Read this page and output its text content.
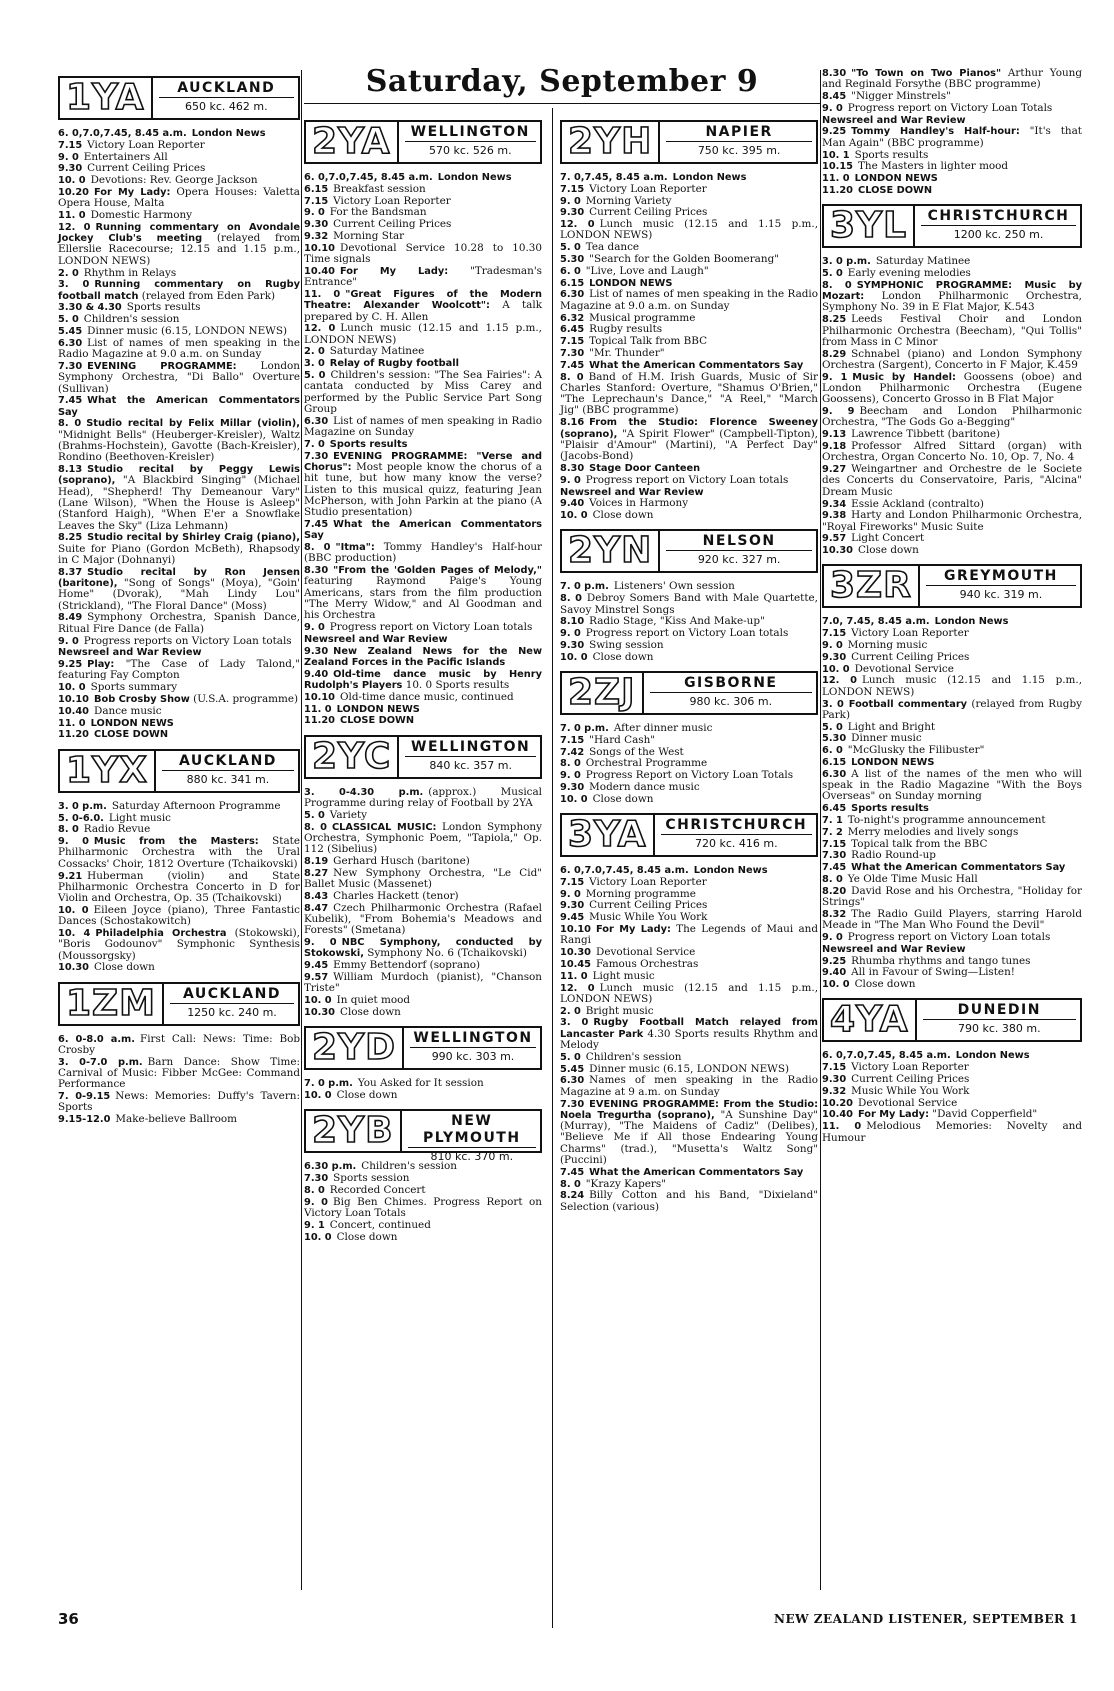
Saturday, September 9
1YA	AUCKLAND
650 kc. 462 m.
6. 0,7.0,7.45, 8.45 a.m. London News
7.15 Victory Loan Reporter
9. 0 Entertainers All
9.30 Current Ceiling Prices
10. 0 Devotions: Rev. George Jackson
10.20 For My Lady: Opera Houses: Valetta Opera House, Malta
11. 0 Domestic Harmony
12. 0 Running commentary on Avondale Jockey Club's meeting (relayed from Ellerslie Racecourse; 12.15 and 1.15 p.m., LONDON NEWS)
2. 0 Rhythm in Relays
3. 0 Running commentary on Rugby football match (relayed from Eden Park)
3.30 & 4.30 Sports results
5. 0 Children's session
5.45 Dinner music (6.15, LONDON NEWS)
6.30 List of names of men speaking in the Radio Magazine at 9.0 a.m. on Sunday
7.30 EVENING PROGRAMME: London Symphony Orchestra, "Di Ballo" Overture (Sullivan)
7.45 What the American Commentators Say
8. 0 Studio recital by Felix Millar (violin), "Midnight Bells" (Heuberger-Kreisler), Waltz (Brahms-Hochstein), Gavotte (Bach-Kreisler), Rondino (Beethoven-Kreisler)
8.13 Studio recital by Peggy Lewis (soprano), "A Blackbird Singing" (Michael Head), "Shepherd! Thy Demeanour Vary" (Lane Wilson), "When the House is Asleep" (Stanford Haigh), "When E'er a Snowflake Leaves the Sky" (Liza Lehmann)
8.25 Studio recital by Shirley Craig (piano), Suite for Piano (Gordon McBeth), Rhapsody in C Major (Dohnanyi)
8.37 Studio recital by Ron Jensen (baritone), "Song of Songs" (Moya), "Goin' Home" (Dvorak), "Mah Lindy Lou" (Strickland), "The Floral Dance" (Moss)
8.49 Symphony Orchestra, Spanish Dance, Ritual Fire Dance (de Falla)
9. 0 Progress reports on Victory Loan totals
Newsreel and War Review
9.25 Play: "The Case of Lady Talond," featuring Fay Compton
10. 0 Sports summary
10.10 Bob Crosby Show (U.S.A. programme)
10.40 Dance music
11. 0 LONDON NEWS
11.20 CLOSE DOWN
1YX	AUCKLAND
880 kc. 341 m.
3. 0 p.m. Saturday Afternoon Programme
5. 0-6.0. Light music
8. 0 Radio Revue
9. 0 Music from the Masters: State Philharmonic Orchestra with the Ural Cossacks' Choir, 1812 Overture (Tchaikovski)
9.21 Huberman (violin) and State Philharmonic Orchestra Concerto in D for Violin and Orchestra, Op. 35 (Tchaikovski)
10. 0 Eileen Joyce (piano), Three Fantastic Dances (Schostakowitch)
10. 4 Philadelphia Orchestra (Stokowski), "Boris Godounov" Symphonic Synthesis (Moussorgsky)
10.30 Close down
1ZM	AUCKLAND
1250 kc. 240 m.
6. 0-8.0 a.m. First Call: News: Time: Bob Crosby
3. 0-7.0 p.m. Barn Dance: Show Time: Carnival of Music: Fibber McGee: Command Performance
7. 0-9.15 News: Memories: Duffy's Tavern: Sports
9.15-12.0 Make-believe Ballroom
2YA	WELLINGTON
570 kc. 526 m.
6. 0,7.0,7.45, 8.45 a.m. London News
6.15 Breakfast session
7.15 Victory Loan Reporter
9. 0 For the Bandsman
9.30 Current Ceiling Prices
9.32 Morning Star
10.10 Devotional Service 10.28 to 10.30 Time signals
10.40 For My Lady: "Tradesman's Entrance"
11. 0 "Great Figures of the Modern Theatre: Alexander Woolcott": A talk prepared by C. H. Allen
12. 0 Lunch music (12.15 and 1.15 p.m., LONDON NEWS)
2. 0 Saturday Matinee
3. 0 Relay of Rugby football
5. 0 Children's session: "The Sea Fairies": A cantata conducted by Miss Carey and performed by the Public Service Part Song Group
6.30 List of names of men speaking in Radio Magazine on Sunday
7. 0 Sports results
7.30 EVENING PROGRAMME: "Verse and Chorus": Most people know the chorus of a hit tune, but how many know the verse? Listen to this musical quizz, featuring Jean McPherson, with John Parkin at the piano (A Studio presentation)
7.45 What the American Commentators Say
8. 0 "Itma": Tommy Handley's Half-hour (BBC production)
8.30 "From the 'Golden Pages of Melody," featuring Raymond Paige's Young Americans, stars from the film production "The Merry Widow," and Al Goodman and his Orchestra
9. 0 Progress report on Victory Loan totals
Newsreel and War Review
9.30 New Zealand News for the New Zealand Forces in the Pacific Islands
9.40 Old-time dance music by Henry Rudolph's Players 10. 0 Sports results
10.10 Old-time dance music, continued
11. 0 LONDON NEWS
11.20 CLOSE DOWN
2YC	WELLINGTON
840 kc. 357 m.
3. 0-4.30 p.m. (approx.) Musical Programme during relay of Football by 2YA
5. 0 Variety
8. 0 CLASSICAL MUSIC: London Symphony Orchestra, Symphonic Poem, "Tapiola," Op. 112 (Sibelius)
8.19 Gerhard Husch (baritone)
8.27 New Symphony Orchestra, "Le Cid" Ballet Music (Massenet)
8.43 Charles Hackett (tenor)
8.47 Czech Philharmonic Orchestra (Rafael Kubelik), "From Bohemia's Meadows and Forests" (Smetana)
9. 0 NBC Symphony, conducted by Stokowski, Symphony No. 6 (Tchaikovski)
9.45 Emmy Bettendorf (soprano)
9.57 William Murdoch (pianist), "Chanson Triste"
10. 0 In quiet mood
10.30 Close down
2YD	WELLINGTON
990 kc. 303 m.
7. 0 p.m. You Asked for It session
10. 0 Close down
2YB	NEW PLYMOUTH
810 kc. 370 m.
6.30 p.m. Children's session
7.30 Sports session
8. 0 Recorded Concert
9. 0 Big Ben Chimes. Progress Report on Victory Loan Totals
9. 1 Concert, continued
10. 0 Close down
2YH	NAPIER
750 kc. 395 m.
7. 0,7.45, 8.45 a.m. London News
7.15 Victory Loan Reporter
9. 0 Morning Variety
9.30 Current Ceiling Prices
12. 0 Lunch music (12.15 and 1.15 p.m., LONDON NEWS)
5. 0 Tea dance
5.30 "Search for the Golden Boomerang"
6. 0 "Live, Love and Laugh"
6.15 LONDON NEWS
6.30 List of names of men speaking in the Radio Magazine at 9.0 a.m. on Sunday
6.32 Musical programme
6.45 Rugby results
7.15 Topical Talk from BBC
7.30 "Mr. Thunder"
7.45 What the American Commentators Say
8. 0 Band of H.M. Irish Guards, Music of Sir Charles Stanford: Overture, "Shamus O'Brien," "The Leprechaun's Dance," "A Reel," "March Jig" (BBC programme)
8.16 From the Studio: Florence Sweeney (soprano), "A Spirit Flower" (Campbell-Tipton), "Plaisir d'Amour" (Martini), "A Perfect Day" (Jacobs-Bond)
8.30 Stage Door Canteen
9. 0 Progress report on Victory Loan totals
Newsreel and War Review
9.40 Voices in Harmony
10. 0 Close down
2YN	NELSON
920 kc. 327 m.
7. 0 p.m. Listeners' Own session
8. 0 Debroy Somers Band with Male Quartette, Savoy Minstrel Songs
8.10 Radio Stage, "Kiss And Make-up"
9. 0 Progress report on Victory Loan totals
9.30 Swing session
10. 0 Close down
2ZJ	GISBORNE
980 kc. 306 m.
7. 0 p.m. After dinner music
7.15 "Hard Cash"
7.42 Songs of the West
8. 0 Orchestral Programme
9. 0 Progress Report on Victory Loan Totals
9.30 Modern dance music
10. 0 Close down
3YA	CHRISTCHURCH
720 kc. 416 m.
6. 0,7.0,7.45, 8.45 a.m. London News
7.15 Victory Loan Reporter
9. 0 Morning programme
9.30 Current Ceiling Prices
9.45 Music While You Work
10.10 For My Lady: The Legends of Maui and Rangi
10.30 Devotional Service
10.45 Famous Orchestras
11. 0 Light music
12. 0 Lunch music (12.15 and 1.15 p.m., LONDON NEWS)
2. 0 Bright music
3. 0 Rugby Football Match relayed from Lancaster Park 4.30 Sports results Rhythm and Melody
5. 0 Children's session
5.45 Dinner music (6.15, LONDON NEWS)
6.30 Names of men speaking in the Radio Magazine at 9 a.m. on Sunday
7.30 EVENING PROGRAMME: From the Studio: Noela Tregurtha (soprano), "A Sunshine Day" (Murray), "The Maidens of Cadiz" (Delibes), "Believe Me if All those Endearing Young Charms" (trad.), "Musetta's Waltz Song" (Puccini)
7.45 What the American Commentators Say
8. 0 "Krazy Kapers"
8.24 Billy Cotton and his Band, "Dixieland" Selection (various)
8.30 "To Town on Two Pianos" Arthur Young and Reginald Forsythe (BBC programme)
8.45 "Nigger Minstrels"
9. 0 Progress report on Victory Loan Totals
Newsreel and War Review
9.25 Tommy Handley's Half-hour: "It's that Man Again" (BBC programme)
10. 1 Sports results
10.15 The Masters in lighter mood
11. 0 LONDON NEWS
11.20 CLOSE DOWN
3YL	CHRISTCHURCH
1200 kc. 250 m.
3. 0 p.m. Saturday Matinee
5. 0 Early evening melodies
8. 0 SYMPHONIC PROGRAMME: Music by Mozart: London Philharmonic Orchestra, Symphony No. 39 in E Flat Major, K.543
8.25 Leeds Festival Choir and London Philharmonic Orchestra (Beecham), "Qui Tollis" from Mass in C Minor
8.29 Schnabel (piano) and London Symphony Orchestra (Sargent), Concerto in F Major, K.459
9. 1 Music by Handel: Goossens (oboe) and London Philharmonic Orchestra (Eugene Goossens), Concerto Grosso in B Flat Major
9. 9 Beecham and London Philharmonic Orchestra, "The Gods Go a-Begging"
9.13 Lawrence Tibbett (baritone)
9.18 Professor Alfred Sittard (organ) with Orchestra, Organ Concerto No. 10, Op. 7, No. 4
9.27 Weingartner and Orchestre de le Societe des Concerts du Conservatoire, Paris, "Alcina" Dream Music
9.34 Essie Ackland (contralto)
9.38 Harty and London Philharmonic Orchestra, "Royal Fireworks" Music Suite
9.57 Light Concert
10.30 Close down
3ZR	GREYMOUTH
940 kc. 319 m.
7.0, 7.45, 8.45 a.m. London News
7.15 Victory Loan Reporter
9. 0 Morning music
9.30 Current Ceiling Prices
10. 0 Devotional Service
12. 0 Lunch music (12.15 and 1.15 p.m., LONDON NEWS)
3. 0 Football commentary (relayed from Rugby Park)
5. 0 Light and Bright
5.30 Dinner music
6. 0 "McGlusky the Filibuster"
6.15 LONDON NEWS
6.30 A list of the names of the men who will speak in the Radio Magazine "With the Boys Overseas" on Sunday morning
6.45 Sports results
7. 1 To-night's programme announcement
7. 2 Merry melodies and lively songs
7.15 Topical talk from the BBC
7.30 Radio Round-up
7.45 What the American Commentators Say
8. 0 Ye Olde Time Music Hall
8.20 David Rose and his Orchestra, "Holiday for Strings"
8.32 The Radio Guild Players, starring Harold Meade in "The Man Who Found the Devil"
9. 0 Progress report on Victory Loan totals
Newsreel and War Review
9.25 Rhumba rhythms and tango tunes
9.40 All in Favour of Swing—Listen!
10. 0 Close down
4YA	DUNEDIN
790 kc. 380 m.
6. 0,7.0,7.45, 8.45 a.m. London News
7.15 Victory Loan Reporter
9.30 Current Ceiling Prices
9.32 Music While You Work
10.20 Devotional Service
10.40 For My Lady: "David Copperfield"
11. 0 Melodious Memories: Novelty and Humour
36	NEW ZEALAND LISTENER, SEPTEMBER 1
